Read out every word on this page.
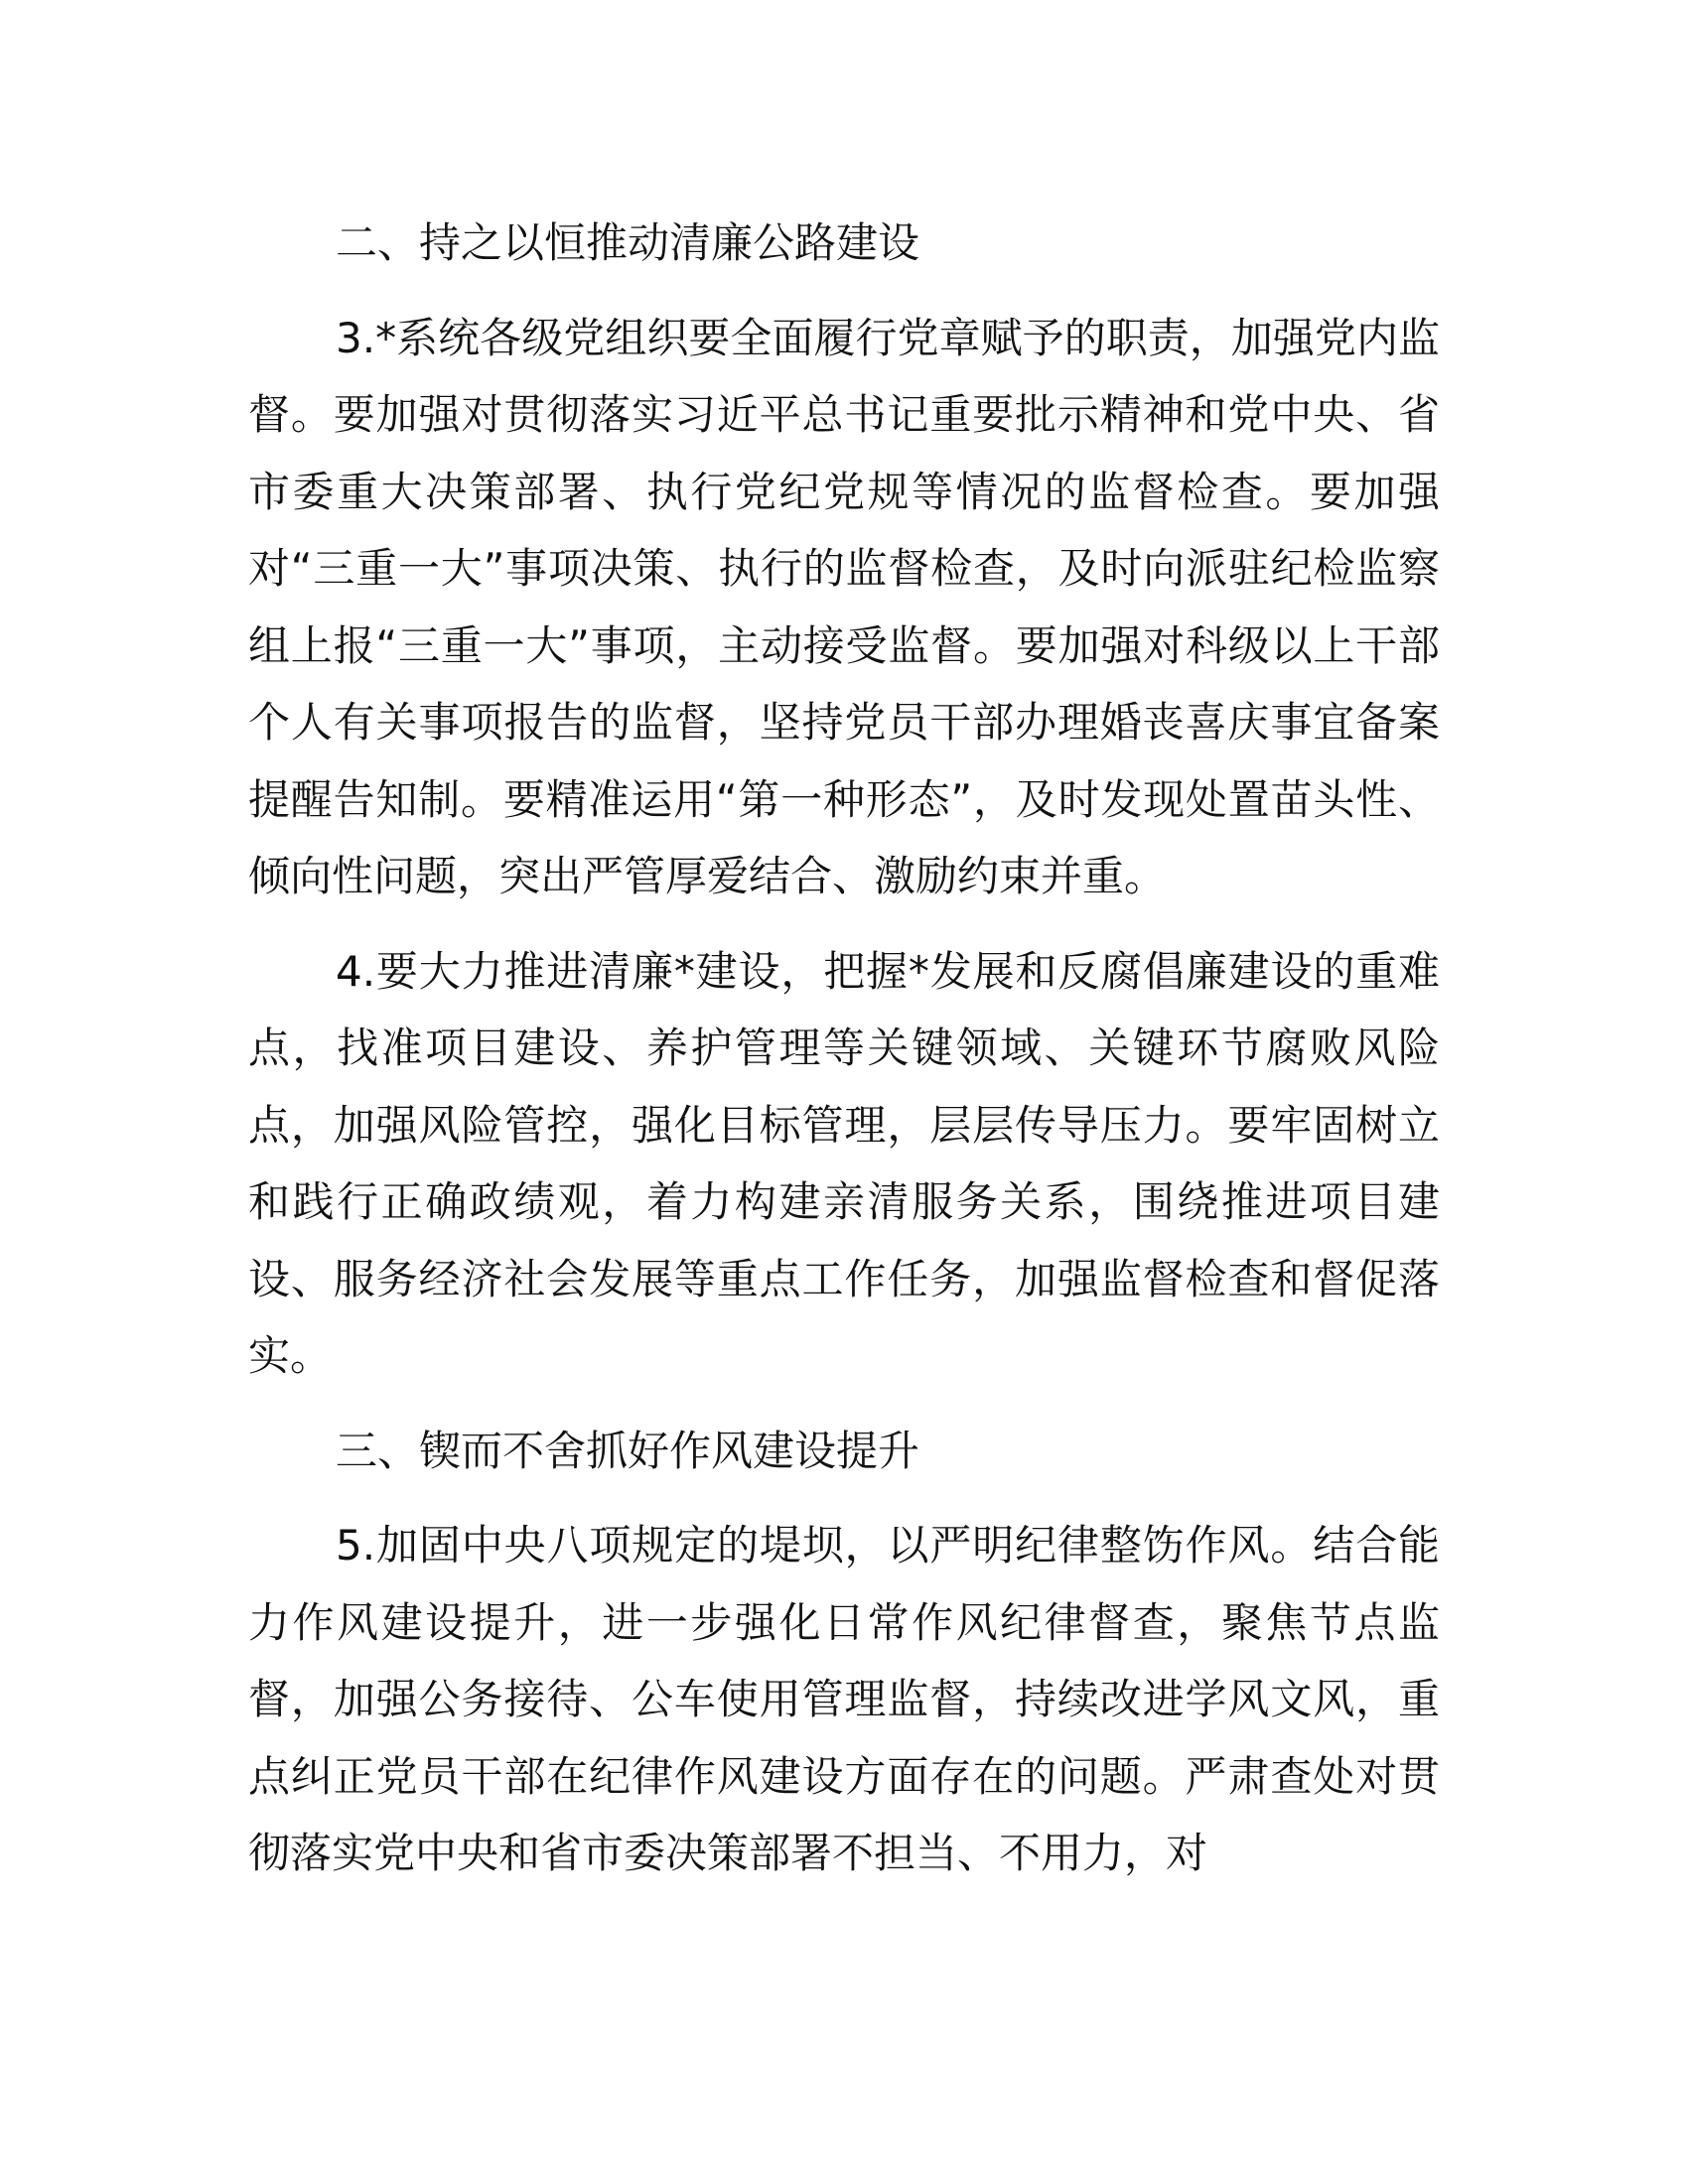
二、持之以恒推动清廉公路建设

3.*系统各级党组织要全面履行党章赋予的职责，加强党内监督。要加强对贯彻落实习近平总书记重要批示精神和党中央、省市委重大决策部署、执行党纪党规等情况的监督检查。要加强对“三重一大”事项决策、执行的监督检查，及时向派驻纪检监察组上报“三重一大”事项，主动接受监督。要加强对科级以上干部个人有关事项报告的监督，坚持党员干部办理婚丧喜庆事宜备案提醒告知制。要精准运用“第一种形态”，及时发现处置苗头性、倾向性问题，突出严管厚爱结合、激励约束并重。

4.要大力推进清廉*建设，把握*发展和反腐倡廉建设的重难点，找准项目建设、养护管理等关键领域、关键环节腐败风险点，加强风险管控，强化目标管理，层层传导压力。要牢固树立和践行正确政绩观，着力构建亲清服务关系，围绕推进项目建设、服务经济社会发展等重点工作任务，加强监督检查和督促落实。

三、锲而不舍抓好作风建设提升

5.加固中央八项规定的堤坝，以严明纪律整饬作风。结合能力作风建设提升，进一步强化日常作风纪律督查，聚焦节点监督，加强公务接待、公车使用管理监督，持续改进学风文风，重点纠正党员干部在纪律作风建设方面存在的问题。严肃查处对贯彻落实党中央和省市委决策部署不担当、不用力，对
